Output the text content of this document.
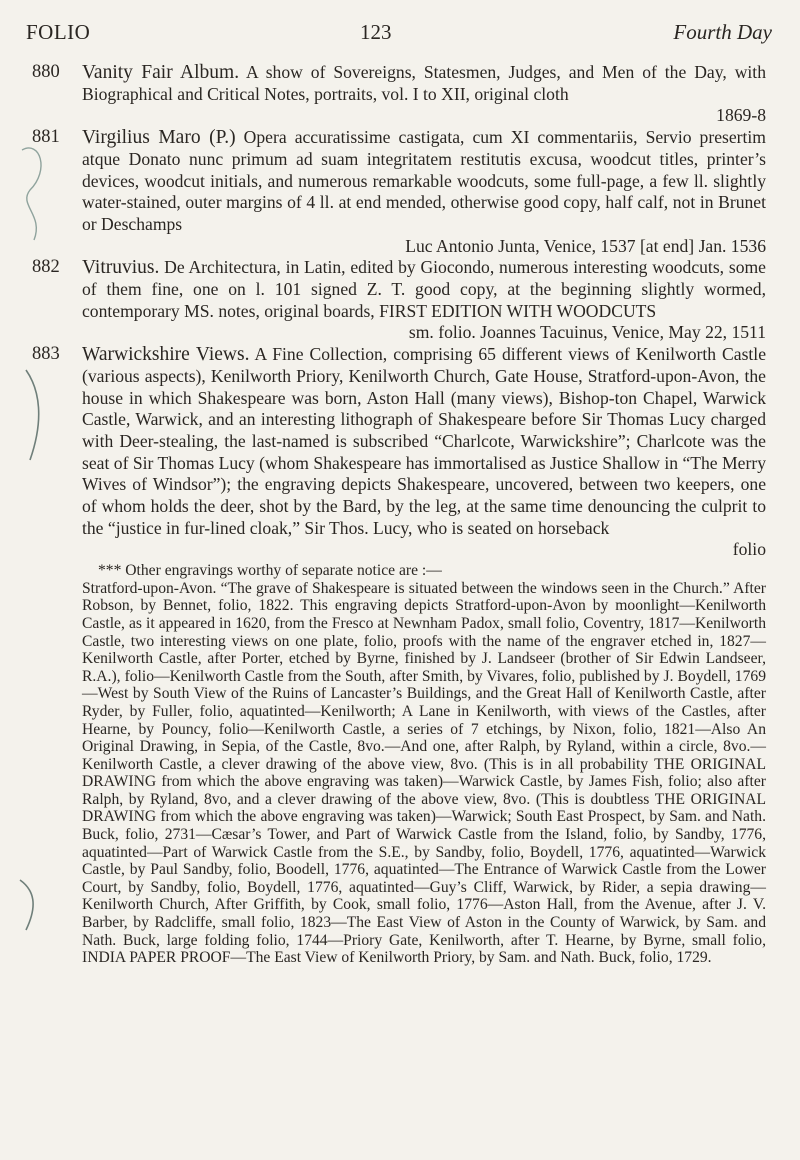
FOLIO	123	Fourth Day
880 Vanity Fair Album. A show of Sovereigns, Statesmen, Judges, and Men of the Day, with Biographical and Critical Notes, portraits, vol. I to XII, original cloth

1869-8

881 Virgilius Maro (P.) Opera accuratissime castigata, cum XI commentariis, Servio presertim atque Donato nunc primum ad suam integritatem restitutis excusa, woodcut titles, printer’s devices, woodcut initials, and numerous remarkable woodcuts, some full-page, a few ll. slightly water-stained, outer margins of 4 ll. at end mended, otherwise good copy, half calf, not in Brunet or Deschamps

Luc Antonio Junta, Venice, 1537 [at end] Jan. 1536

882 Vitruvius. De Architectura, in Latin, edited by Giocondo, numerous interesting woodcuts, some of them fine, one on l. 101 signed Z. T. good copy, at the beginning slightly wormed, contemporary MS. notes, original boards, FIRST EDITION WITH WOODCUTS

sm. folio. Joannes Tacuinus, Venice, May 22, 1511

883 Warwickshire Views. A Fine Collection, comprising 65 different views of Kenilworth Castle (various aspects), Kenilworth Priory, Kenilworth Church, Gate House, Stratford-upon-Avon, the house in which Shakespeare was born, Aston Hall (many views), Bishop-ton Chapel, Warwick Castle, Warwick, and an interesting lithograph of Shakespeare before Sir Thomas Lucy charged with Deer-stealing, the last-named is subscribed “Charlcote, Warwickshire”; Charlcote was the seat of Sir Thomas Lucy (whom Shakespeare has immortalised as Justice Shallow in “The Merry Wives of Windsor”); the engraving depicts Shakespeare, uncovered, between two keepers, one of whom holds the deer, shot by the Bard, by the leg, at the same time denouncing the culprit to the “justice in fur-lined cloak,” Sir Thos. Lucy, who is seated on horseback

folio

*** Other engravings worthy of separate notice are :—
Stratford-upon-Avon. “The grave of Shakespeare is situated between the windows seen in the Church.” After Robson, by Bennet, folio, 1822. This engraving depicts Stratford-upon-Avon by moonlight—Kenilworth Castle, as it appeared in 1620, from the Fresco at Newnham Padox, small folio, Coventry, 1817—Kenilworth Castle, two interesting views on one plate, folio, proofs with the name of the engraver etched in, 1827—Kenilworth Castle, after Porter, etched by Byrne, finished by J. Landseer (brother of Sir Edwin Landseer, R.A.), folio—Kenilworth Castle from the South, after Smith, by Vivares, folio, published by J. Boydell, 1769—West by South View of the Ruins of Lancaster’s Buildings, and the Great Hall of Kenilworth Castle, after Ryder, by Fuller, folio, aquatinted—Kenilworth; A Lane in Kenilworth, with views of the Castles, after Hearne, by Pouncy, folio—Kenilworth Castle, a series of 7 etchings, by Nixon, folio, 1821—Also An Original Drawing, in Sepia, of the Castle, 8vo.—And one, after Ralph, by Ryland, within a circle, 8vo.—Kenilworth Castle, a clever drawing of the above view, 8vo. (This is in all probability THE ORIGINAL DRAWING from which the above engraving was taken)—Warwick Castle, by James Fish, folio; also after Ralph, by Ryland, 8vo, and a clever drawing of the above view, 8vo. (This is doubtless THE ORIGINAL DRAWING from which the above engraving was taken)—Warwick; South East Prospect, by Sam. and Nath. Buck, folio, 2731—Cæsar’s Tower, and Part of Warwick Castle from the Island, folio, by Sandby, 1776, aquatinted—Part of Warwick Castle from the S.E., by Sandby, folio, Boydell, 1776, aquatinted—Warwick Castle, by Paul Sandby, folio, Boodell, 1776, aquatinted—The Entrance of Warwick Castle from the Lower Court, by Sandby, folio, Boydell, 1776, aquatinted—Guy’s Cliff, Warwick, by Rider, a sepia drawing—Kenilworth Church, After Griffith, by Cook, small folio, 1776—Aston Hall, from the Avenue, after J. V. Barber, by Radcliffe, small folio, 1823—The East View of Aston in the County of Warwick, by Sam. and Nath. Buck, large folding folio, 1744—Priory Gate, Kenilworth, after T. Hearne, by Byrne, small folio, INDIA PAPER PROOF—The East View of Kenilworth Priory, by Sam. and Nath. Buck, folio, 1729.
